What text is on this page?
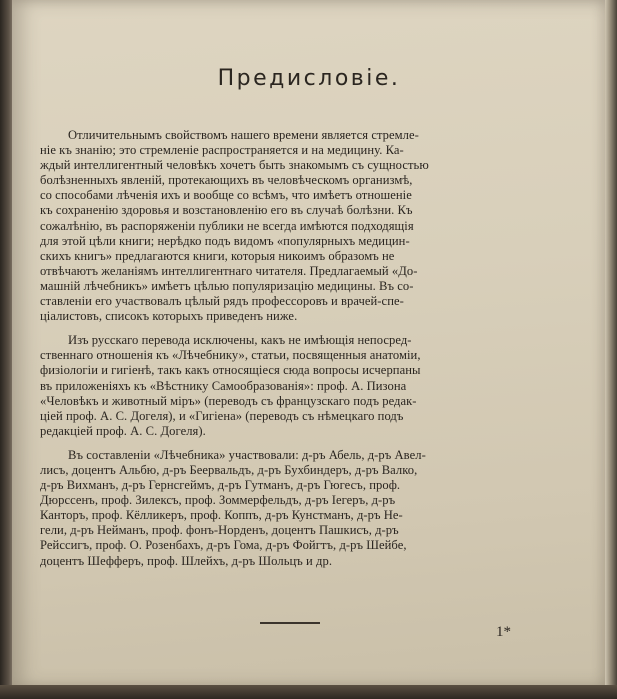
Предисловіе.
Отличительнымъ свойствомъ нашего времени является стремле-
ніе къ знанію; это стремленіе распространяется и на медицину. Ка-
ждый интеллигентный человѣкъ хочетъ быть знакомымъ съ сущностью
болѣзненныхъ явленій, протекающихъ въ человѣческомъ организмѣ,
со способами лѣченія ихъ и вообще со всѣмъ, что имѣетъ отношеніе
къ сохраненію здоровья и возстановленію его въ случаѣ болѣзни. Къ
сожалѣнію, въ распоряженіи публики не всегда имѣются подходящія
для этой цѣли книги; нерѣдко подъ видомъ «популярныхъ медицин-
скихъ книгъ» предлагаются книги, которыя никоимъ образомъ не
отвѣчаютъ желаніямъ интеллигентнаго читателя. Предлагаемый «До-
машній лѣчебникъ» имѣетъ цѣлью популяризацію медицины. Въ со-
ставленіи его участвовалъ цѣлый рядъ профессоровъ и врачей-спе-
ціалистовъ, списокъ которыхъ приведенъ ниже.
Изъ русскаго перевода исключены, какъ не имѣющія непосред-
ственнаго отношенія къ «Лѣчебнику», статьи, посвященныя анатоміи,
физіологіи и гигіенѣ, такъ какъ относящіеся сюда вопросы исчерпаны
въ приложеніяхъ къ «Вѣстнику Самообразованія»: проф. А. Пизона
«Человѣкъ и животный міръ» (переводъ съ французскаго подъ редак-
ціей проф. А. С. Догеля), и «Гигіена» (переводъ съ нѣмецкаго подъ
редакціей проф. А. С. Догеля).
Въ составленіи «Лѣчебника» участвовали: д-ръ Абель, д-ръ Авел-
лисъ, доцентъ Альбю, д-ръ Беервальдъ, д-ръ Бухбиндеръ, д-ръ Валко,
д-ръ Вихманъ, д-ръ Гернсгеймъ, д-ръ Гутманъ, д-ръ Гюгесъ, проф.
Дюрссенъ, проф. Зилексъ, проф. Зоммерфельдъ, д-ръ Іегеръ, д-ръ
Канторъ, проф. Кёлликеръ, проф. Коппъ, д-ръ Кунстманъ, д-ръ Не-
гели, д-ръ Нейманъ, проф. фонъ-Норденъ, доцентъ Пашкисъ, д-ръ
Рейссигъ, проф. О. Розенбахъ, д-ръ Гома, д-ръ Фойгтъ, д-ръ Шейбе,
доцентъ Шефферъ, проф. Шлейхъ, д-ръ Шольцъ и др.
1*
